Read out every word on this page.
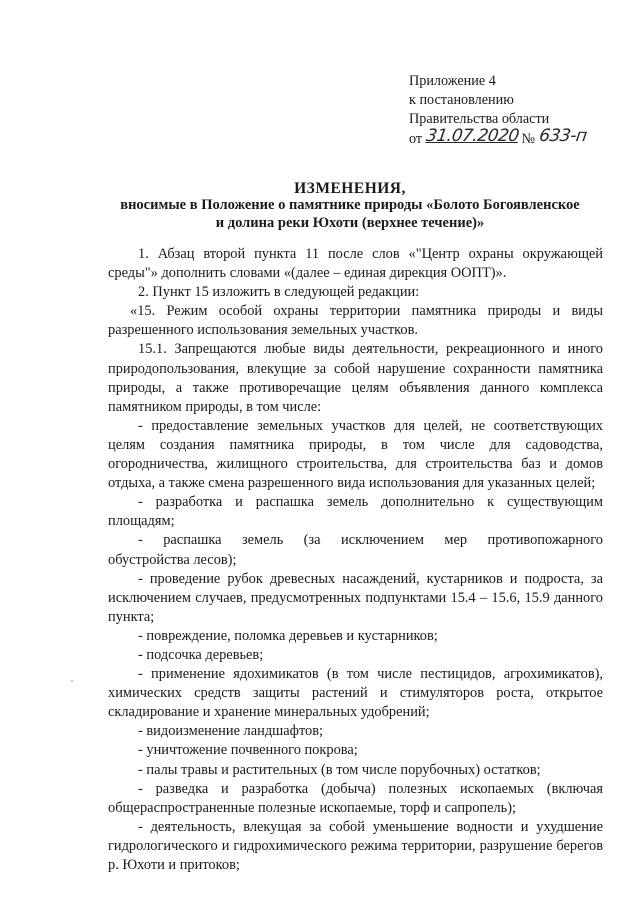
Приложение 4
к постановлению
Правительства области
от 31.07.2020 № 633-п
ИЗМЕНЕНИЯ,
вносимые в Положение о памятнике природы «Болото Богоявленское
и долина реки Юхоти (верхнее течение)»

1. Абзац второй пункта 11 после слов «"Центр охраны окружающей среды"» дополнить словами «(далее – единая дирекция ООПТ)».

2. Пункт 15 изложить в следующей редакции:

«15. Режим особой охраны территории памятника природы и виды разрешенного использования земельных участков.

15.1. Запрещаются любые виды деятельности, рекреационного и иного природопользования, влекущие за собой нарушение сохранности памятника природы, а также противоречащие целям объявления данного комплекса памятником природы, в том числе:

- предоставление земельных участков для целей, не соответствующих целям создания памятника природы, в том числе для садоводства, огородничества, жилищного строительства, для строительства баз и домов отдыха, а также смена разрешенного вида использования для указанных целей;

- разработка и распашка земель дополнительно к существующим площадям;

- распашка земель (за исключением мер противопожарного

обустройства лесов);

- проведение рубок древесных насаждений, кустарников и подроста, за исключением случаев, предусмотренных подпунктами 15.4 – 15.6, 15.9 данного пункта;

- повреждение, поломка деревьев и кустарников;

- подсочка деревьев;

- применение ядохимикатов (в том числе пестицидов, агрохимикатов), химических средств защиты растений и стимуляторов роста, открытое складирование и хранение минеральных удобрений;

- видоизменение ландшафтов;

- уничтожение почвенного покрова;

- палы травы и растительных (в том числе порубочных) остатков;

- разведка и разработка (добыча) полезных ископаемых (включая общераспространенные полезные ископаемые, торф и сапропель);

- деятельность, влекущая за собой уменьшение водности и ухудшение гидрологического и гидрохимического режима территории, разрушение берегов р. Юхоти и притоков;
